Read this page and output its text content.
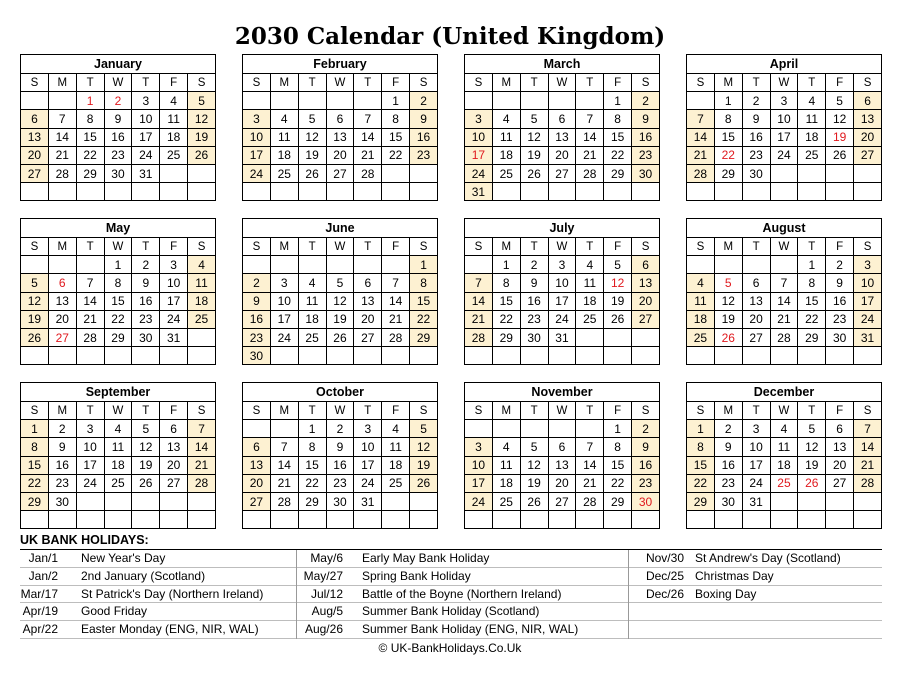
2030 Calendar (United Kingdom)
January						
S	M	T	W	T	F	S
		1	2	3	4	5
6	7	8	9	10	11	12
13	14	15	16	17	18	19
20	21	22	23	24	25	26
27	28	29	30	31		

February						
S	M	T	W	T	F	S
					1	2
3	4	5	6	7	8	9
10	11	12	13	14	15	16
17	18	19	20	21	22	23
24	25	26	27	28		

March						
S	M	T	W	T	F	S
					1	2
3	4	5	6	7	8	9
10	11	12	13	14	15	16
17	18	19	20	21	22	23
24	25	26	27	28	29	30
31						
April						
S	M	T	W	T	F	S
	1	2	3	4	5	6
7	8	9	10	11	12	13
14	15	16	17	18	19	20
21	22	23	24	25	26	27
28	29	30				

May						
S	M	T	W	T	F	S
			1	2	3	4
5	6	7	8	9	10	11
12	13	14	15	16	17	18
19	20	21	22	23	24	25
26	27	28	29	30	31	

June						
S	M	T	W	T	F	S
						1
2	3	4	5	6	7	8
9	10	11	12	13	14	15
16	17	18	19	20	21	22
23	24	25	26	27	28	29
30						
July						
S	M	T	W	T	F	S
	1	2	3	4	5	6
7	8	9	10	11	12	13
14	15	16	17	18	19	20
21	22	23	24	25	26	27
28	29	30	31			

August						
S	M	T	W	T	F	S
				1	2	3
4	5	6	7	8	9	10
11	12	13	14	15	16	17
18	19	20	21	22	23	24
25	26	27	28	29	30	31

September						
S	M	T	W	T	F	S
1	2	3	4	5	6	7
8	9	10	11	12	13	14
15	16	17	18	19	20	21
22	23	24	25	26	27	28
29	30					

October						
S	M	T	W	T	F	S
		1	2	3	4	5
6	7	8	9	10	11	12
13	14	15	16	17	18	19
20	21	22	23	24	25	26
27	28	29	30	31		

November						
S	M	T	W	T	F	S
					1	2
3	4	5	6	7	8	9
10	11	12	13	14	15	16
17	18	19	20	21	22	23
24	25	26	27	28	29	30

December						
S	M	T	W	T	F	S
1	2	3	4	5	6	7
8	9	10	11	12	13	14
15	16	17	18	19	20	21
22	23	24	25	26	27	28
29	30	31				

UK BANK HOLIDAYS:
Jan/1 New Year's Day
Jan/2 2nd January (Scotland)
Mar/17 St Patrick's Day (Northern Ireland)
Apr/19 Good Friday
Apr/22 Easter Monday (ENG, NIR, WAL)
May/6 Early May Bank Holiday
May/27 Spring Bank Holiday
Jul/12 Battle of the Boyne (Northern Ireland)
Aug/5 Summer Bank Holiday (Scotland)
Aug/26 Summer Bank Holiday (ENG, NIR, WAL)
Nov/30 St Andrew's Day (Scotland)
Dec/25 Christmas Day
Dec/26 Boxing Day
© UK-BankHolidays.Co.Uk
